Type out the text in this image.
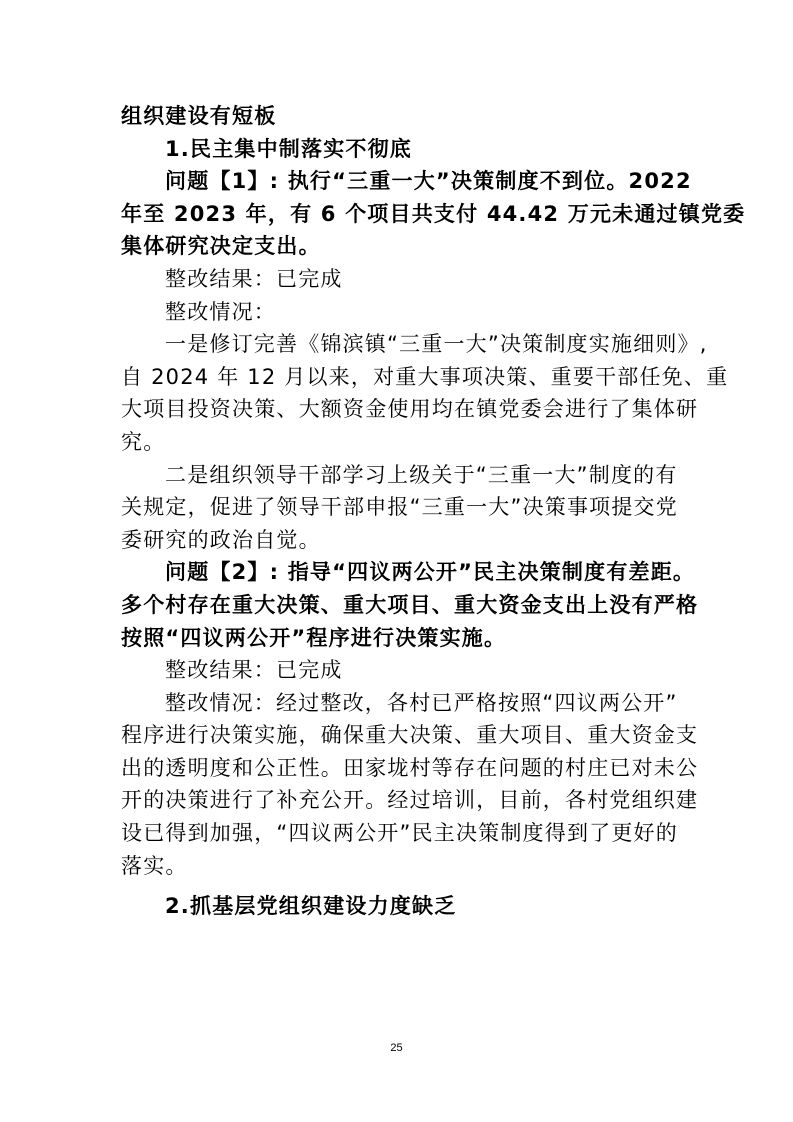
组织建设有短板

1.民主集中制落实不彻底

问题【1】: 执行“三重一大”决策制度不到位。2022

年至 2023 年，有 6 个项目共支付 44.42 万元未通过镇党委

集体研究决定支出。

整改结果：已完成

整改情况：

一是修订完善《锦滨镇“三重一大”决策制度实施细则》,

自 2024 年 12 月以来，对重大事项决策、重要干部任免、重

大项目投资决策、大额资金使用均在镇党委会进行了集体研

究。

二是组织领导干部学习上级关于“三重一大”制度的有

关规定，促进了领导干部申报“三重一大”决策事项提交党

委研究的政治自觉。

问题【2】: 指导“四议两公开”民主决策制度有差距。

多个村存在重大决策、重大项目、重大资金支出上没有严格

按照“四议两公开”程序进行决策实施。

整改结果：已完成

整改情况：经过整改，各村已严格按照“四议两公开”

程序进行决策实施，确保重大决策、重大项目、重大资金支

出的透明度和公正性。田家垅村等存在问题的村庄已对未公

开的决策进行了补充公开。经过培训，目前，各村党组织建

设已得到加强，“四议两公开”民主决策制度得到了更好的

落实。

2.抓基层党组织建设力度缺乏

25
